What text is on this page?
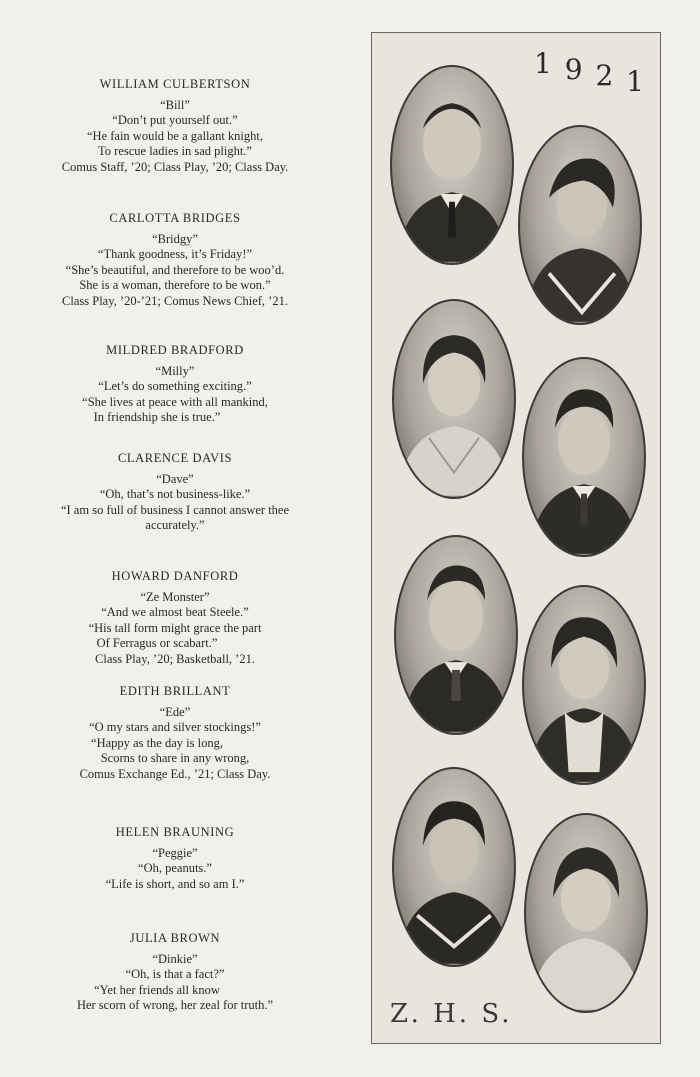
WILLIAM CULBERTSON
“Bill”
“Don’t put yourself out.”
“He fain would be a gallant knight,
To rescue ladies in sad plight.”
Comus Staff, ’20; Class Play, ’20; Class Day.
CARLOTTA BRIDGES
“Bridgy”
“Thank goodness, it’s Friday!”
“She’s beautiful, and therefore to be woo’d.
She is a woman, therefore to be won.”
Class Play, ’20-’21; Comus News Chief, ’21.
MILDRED BRADFORD
“Milly”
“Let’s do something exciting.”
“She lives at peace with all mankind,
In friendship she is true.”
CLARENCE DAVIS
“Dave”
“Oh, that’s not business-like.”
“I am so full of business I cannot answer thee
accurately.”
HOWARD DANFORD
“Ze Monster”
“And we almost beat Steele.”
“His tall form might grace the part
Of Ferragus or scabart.”
Class Play, ’20; Basketball, ’21.
EDITH BRILLANT
“Ede”
“O my stars and silver stockings!”
“Happy as the day is long,
Scorns to share in any wrong,
Comus Exchange Ed., ’21; Class Day.
HELEN BRAUNING
“Peggie”
“Oh, peanuts.”
“Life is short, and so am I.”
JULIA BROWN
“Dinkie”
“Oh, is that a fact?”
“Yet her friends all know
Her scorn of wrong, her zeal for truth.”
1 9 2 1
Z. H. S.
